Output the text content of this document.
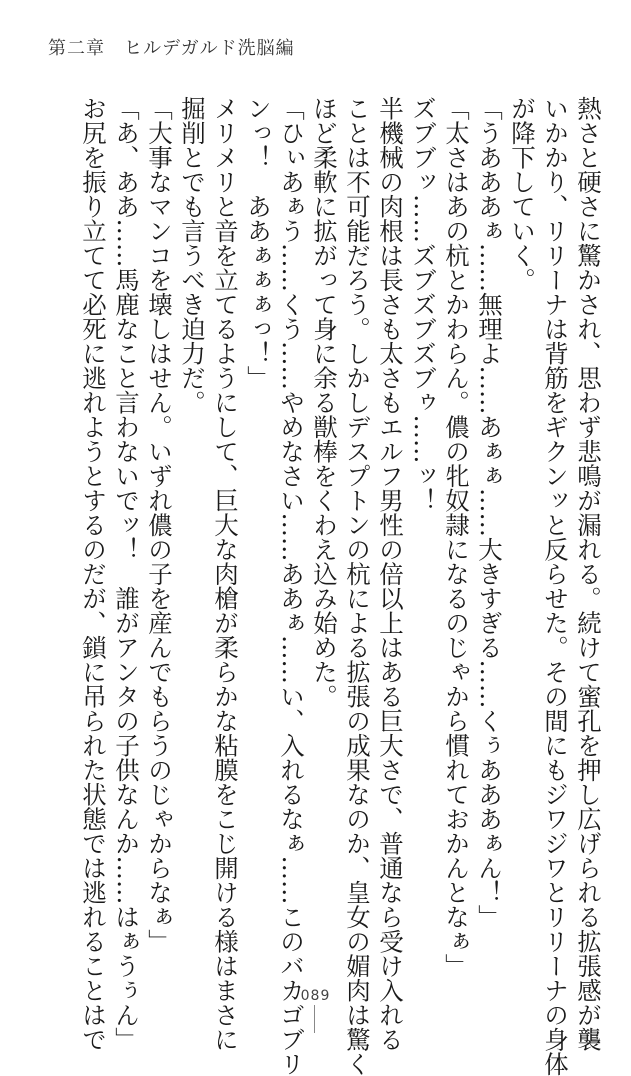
第二章　 ヒルデガルド洗脳編
熱さと硬さに驚かされ、思わず悲鳴が漏れる。続けて蜜孔を押し広げられる拡張感が襲
いかかり、リリーナは背筋をギクンッと反らせた。その間にもジワジワとリリーナの身体
が降下していく。
「うあああぁ……無理よ……あぁぁ……大きすぎる……くぅあああぁん！」
「太さはあの杭とかわらん。儂の牝奴隷になるのじゃから慣れておかんとなぁ」
ズブブッ……ズブズブズブゥ……ッ！
半機械の肉根は長さも太さもエルフ男性の倍以上はある巨大さで、普通なら受け入れる
ことは不可能だろう。しかしデスプトンの杭による拡張の成果なのか、皇女の媚肉は驚く
ほど柔軟に拡がって身に余る獣棒をくわえ込み始めた。
「ひぃあぁう……くう……やめなさい……ああぁ……い、入れるなぁ……このバカゴブリ
ンっ！　ああぁぁぁっ！」
メリメリと音を立てるようにして、巨大な肉槍が柔らかな粘膜をこじ開ける様はまさに
掘削とでも言うべき迫力だ。
「大事なマンコを壊しはせん。いずれ儂の子を産んでもらうのじゃからなぁ」
「あ、ああ……馬鹿なこと言わないでッ！　誰がアンタの子供なんか……はぁうぅん」
お尻を振り立てて必死に逃れようとするのだが、鎖に吊られた状態では逃れることはで	089
